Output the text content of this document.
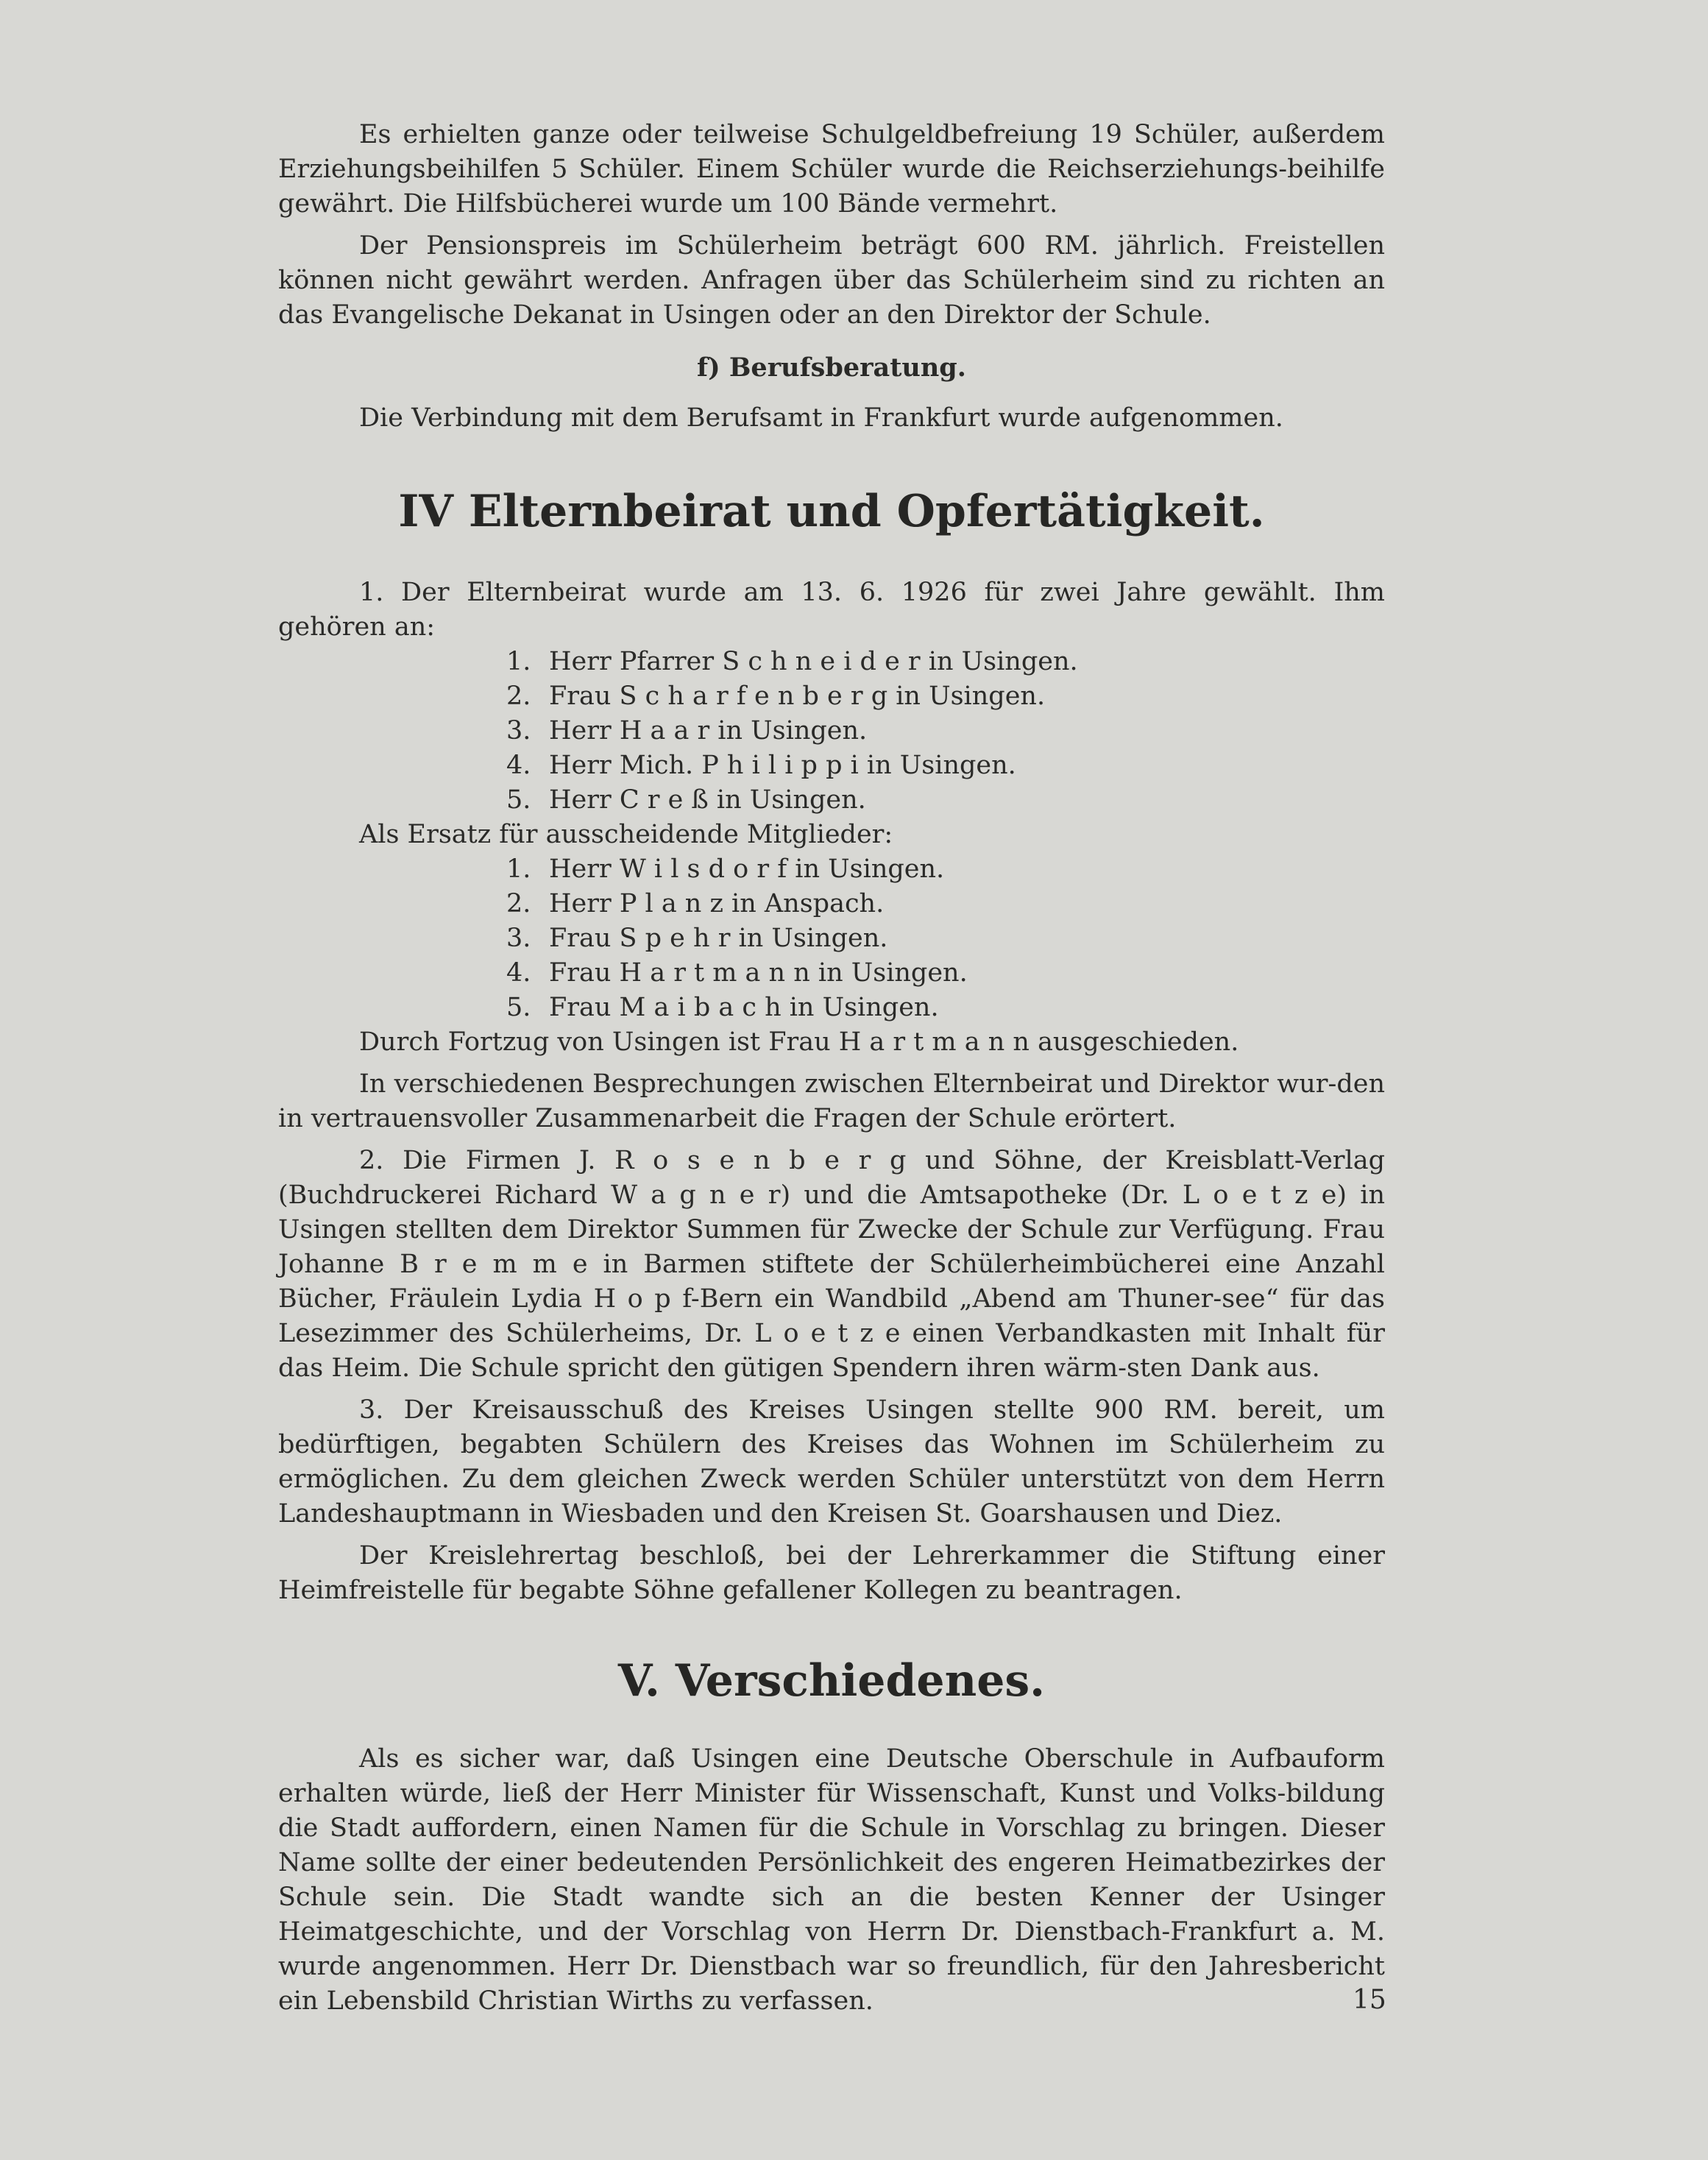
Es erhielten ganze oder teilweise Schulgeldbefreiung 19 Schüler, außerdem Erziehungsbeihilfen 5 Schüler. Einem Schüler wurde die Reichserziehungs-beihilfe gewährt. Die Hilfsbücherei wurde um 100 Bände vermehrt.

Der Pensionspreis im Schülerheim beträgt 600 RM. jährlich. Freistellen können nicht gewährt werden. Anfragen über das Schülerheim sind zu richten an das Evangelische Dekanat in Usingen oder an den Direktor der Schule.

f) Berufsberatung.

Die Verbindung mit dem Berufsamt in Frankfurt wurde aufgenommen.

IV Elternbeirat und Opfertätigkeit.

1. Der Elternbeirat wurde am 13. 6. 1926 für zwei Jahre gewählt. Ihm gehören an:

1. Herr Pfarrer S c h n e i d e r in Usingen.
2. Frau S c h a r f e n b e r g in Usingen.
3. Herr H a a r in Usingen.
4. Herr Mich. P h i l i p p i in Usingen.
5. Herr C r e ß in Usingen.
Als Ersatz für ausscheidende Mitglieder:
1. Herr W i l s d o r f in Usingen.
2. Herr P l a n z in Anspach.
3. Frau S p e h r in Usingen.
4. Frau H a r t m a n n in Usingen.
5. Frau M a i b a c h in Usingen.

Durch Fortzug von Usingen ist Frau H a r t m a n n ausgeschieden.

In verschiedenen Besprechungen zwischen Elternbeirat und Direktor wur-den in vertrauensvoller Zusammenarbeit die Fragen der Schule erörtert.

2. Die Firmen J. R o s e n b e r g und Söhne, der Kreisblatt-Verlag (Buchdruckerei Richard W a g n e r) und die Amtsapotheke (Dr. L o e t z e) in Usingen stellten dem Direktor Summen für Zwecke der Schule zur Verfügung. Frau Johanne B r e m m e in Barmen stiftete der Schülerheimbücherei eine Anzahl Bücher, Fräulein Lydia H o p f-Bern ein Wandbild „Abend am Thuner-see“ für das Lesezimmer des Schülerheims, Dr. L o e t z e einen Verbandkasten mit Inhalt für das Heim. Die Schule spricht den gütigen Spendern ihren wärm-sten Dank aus.

3. Der Kreisausschuß des Kreises Usingen stellte 900 RM. bereit, um bedürftigen, begabten Schülern des Kreises das Wohnen im Schülerheim zu ermöglichen. Zu dem gleichen Zweck werden Schüler unterstützt von dem Herrn Landeshauptmann in Wiesbaden und den Kreisen St. Goarshausen und Diez.

Der Kreislehrertag beschloß, bei der Lehrerkammer die Stiftung einer Heimfreistelle für begabte Söhne gefallener Kollegen zu beantragen.

V. Verschiedenes.

Als es sicher war, daß Usingen eine Deutsche Oberschule in Aufbauform erhalten würde, ließ der Herr Minister für Wissenschaft, Kunst und Volks-bildung die Stadt auffordern, einen Namen für die Schule in Vorschlag zu bringen. Dieser Name sollte der einer bedeutenden Persönlichkeit des engeren Heimatbezirkes der Schule sein. Die Stadt wandte sich an die besten Kenner der Usinger Heimatgeschichte, und der Vorschlag von Herrn Dr. Dienstbach-Frankfurt a. M. wurde angenommen. Herr Dr. Dienstbach war so freundlich, für den Jahresbericht ein Lebensbild Christian Wirths zu verfassen.	15
